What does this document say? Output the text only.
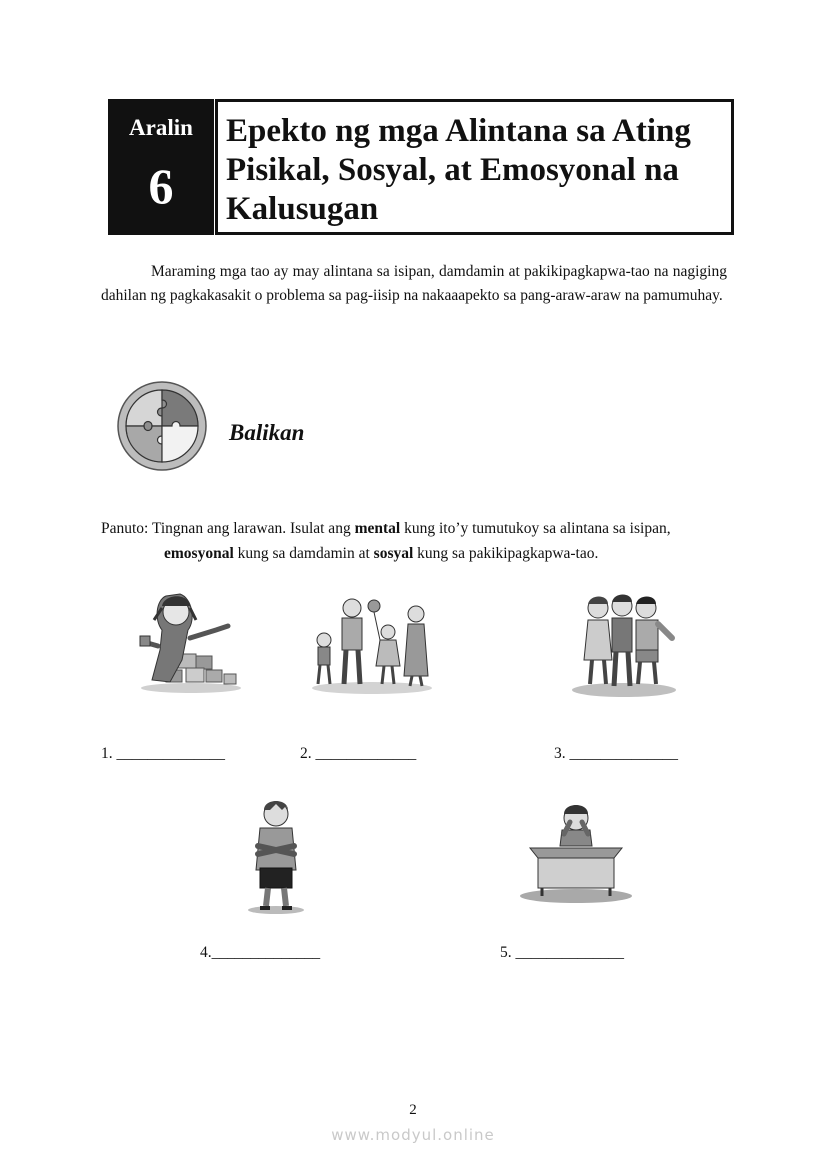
Aralin
6
Epekto ng mga Alintana sa Ating
Pisikal, Sosyal, at Emosyonal na
Kalusugan
Maraming mga tao ay may alintana sa isipan, damdamin at pakikipagkapwa-tao na nagiging dahilan ng pagkakasakit o problema sa pag-iisip na nakaaapekto sa pang-araw-araw na pamumuhay.
Balikan
Panuto: Tingnan ang larawan. Isulat ang mental kung ito’y tumutukoy sa alintana sa isipan, emosyonal kung sa damdamin at sosyal kung sa pakikipagkapwa-tao.
1. ______________	2. _____________	3. ______________
4.______________	5. ______________
2
www.modyul.online
